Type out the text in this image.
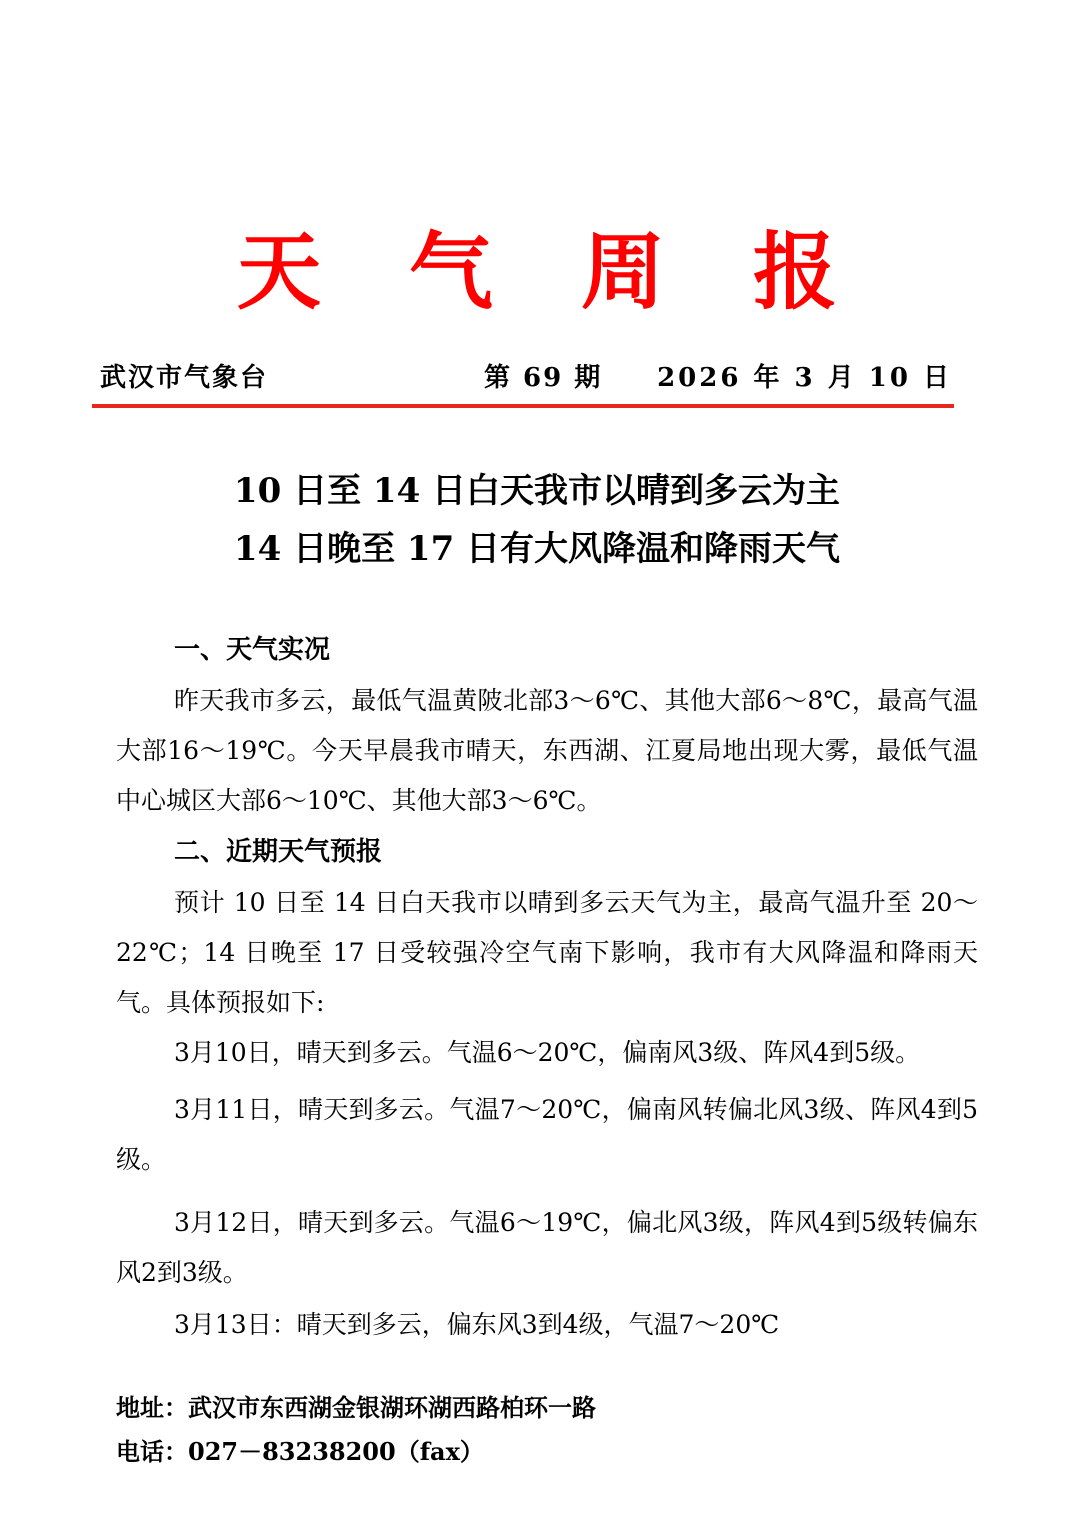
天气周报
武汉市气象台	第 69 期 2026 年 3 月 10 日
10 日至 14 日白天我市以晴到多云为主
14 日晚至 17 日有大风降温和降雨天气
一、天气实况

昨天我市多云，最低气温黄陂北部3～6℃、其他大部6～8℃，最高气温大部16～19℃。今天早晨我市晴天，东西湖、江夏局地出现大雾，最低气温中心城区大部6～10℃、其他大部3～6℃。

二、近期天气预报

预计 10 日至 14 日白天我市以晴到多云天气为主，最高气温升至 20～22℃；14 日晚至 17 日受较强冷空气南下影响，我市有大风降温和降雨天气。具体预报如下:

3月10日，晴天到多云。气温6～20℃，偏南风3级、阵风4到5级。

3月11日，晴天到多云。气温7～20℃，偏南风转偏北风3级、阵风4到5级。

3月12日，晴天到多云。气温6～19℃，偏北风3级，阵风4到5级转偏东风2到3级。

3月13日：晴天到多云，偏东风3到4级，气温7～20℃

地址：武汉市东西湖金银湖环湖西路柏环一路
电话：027－83238200（fax）
